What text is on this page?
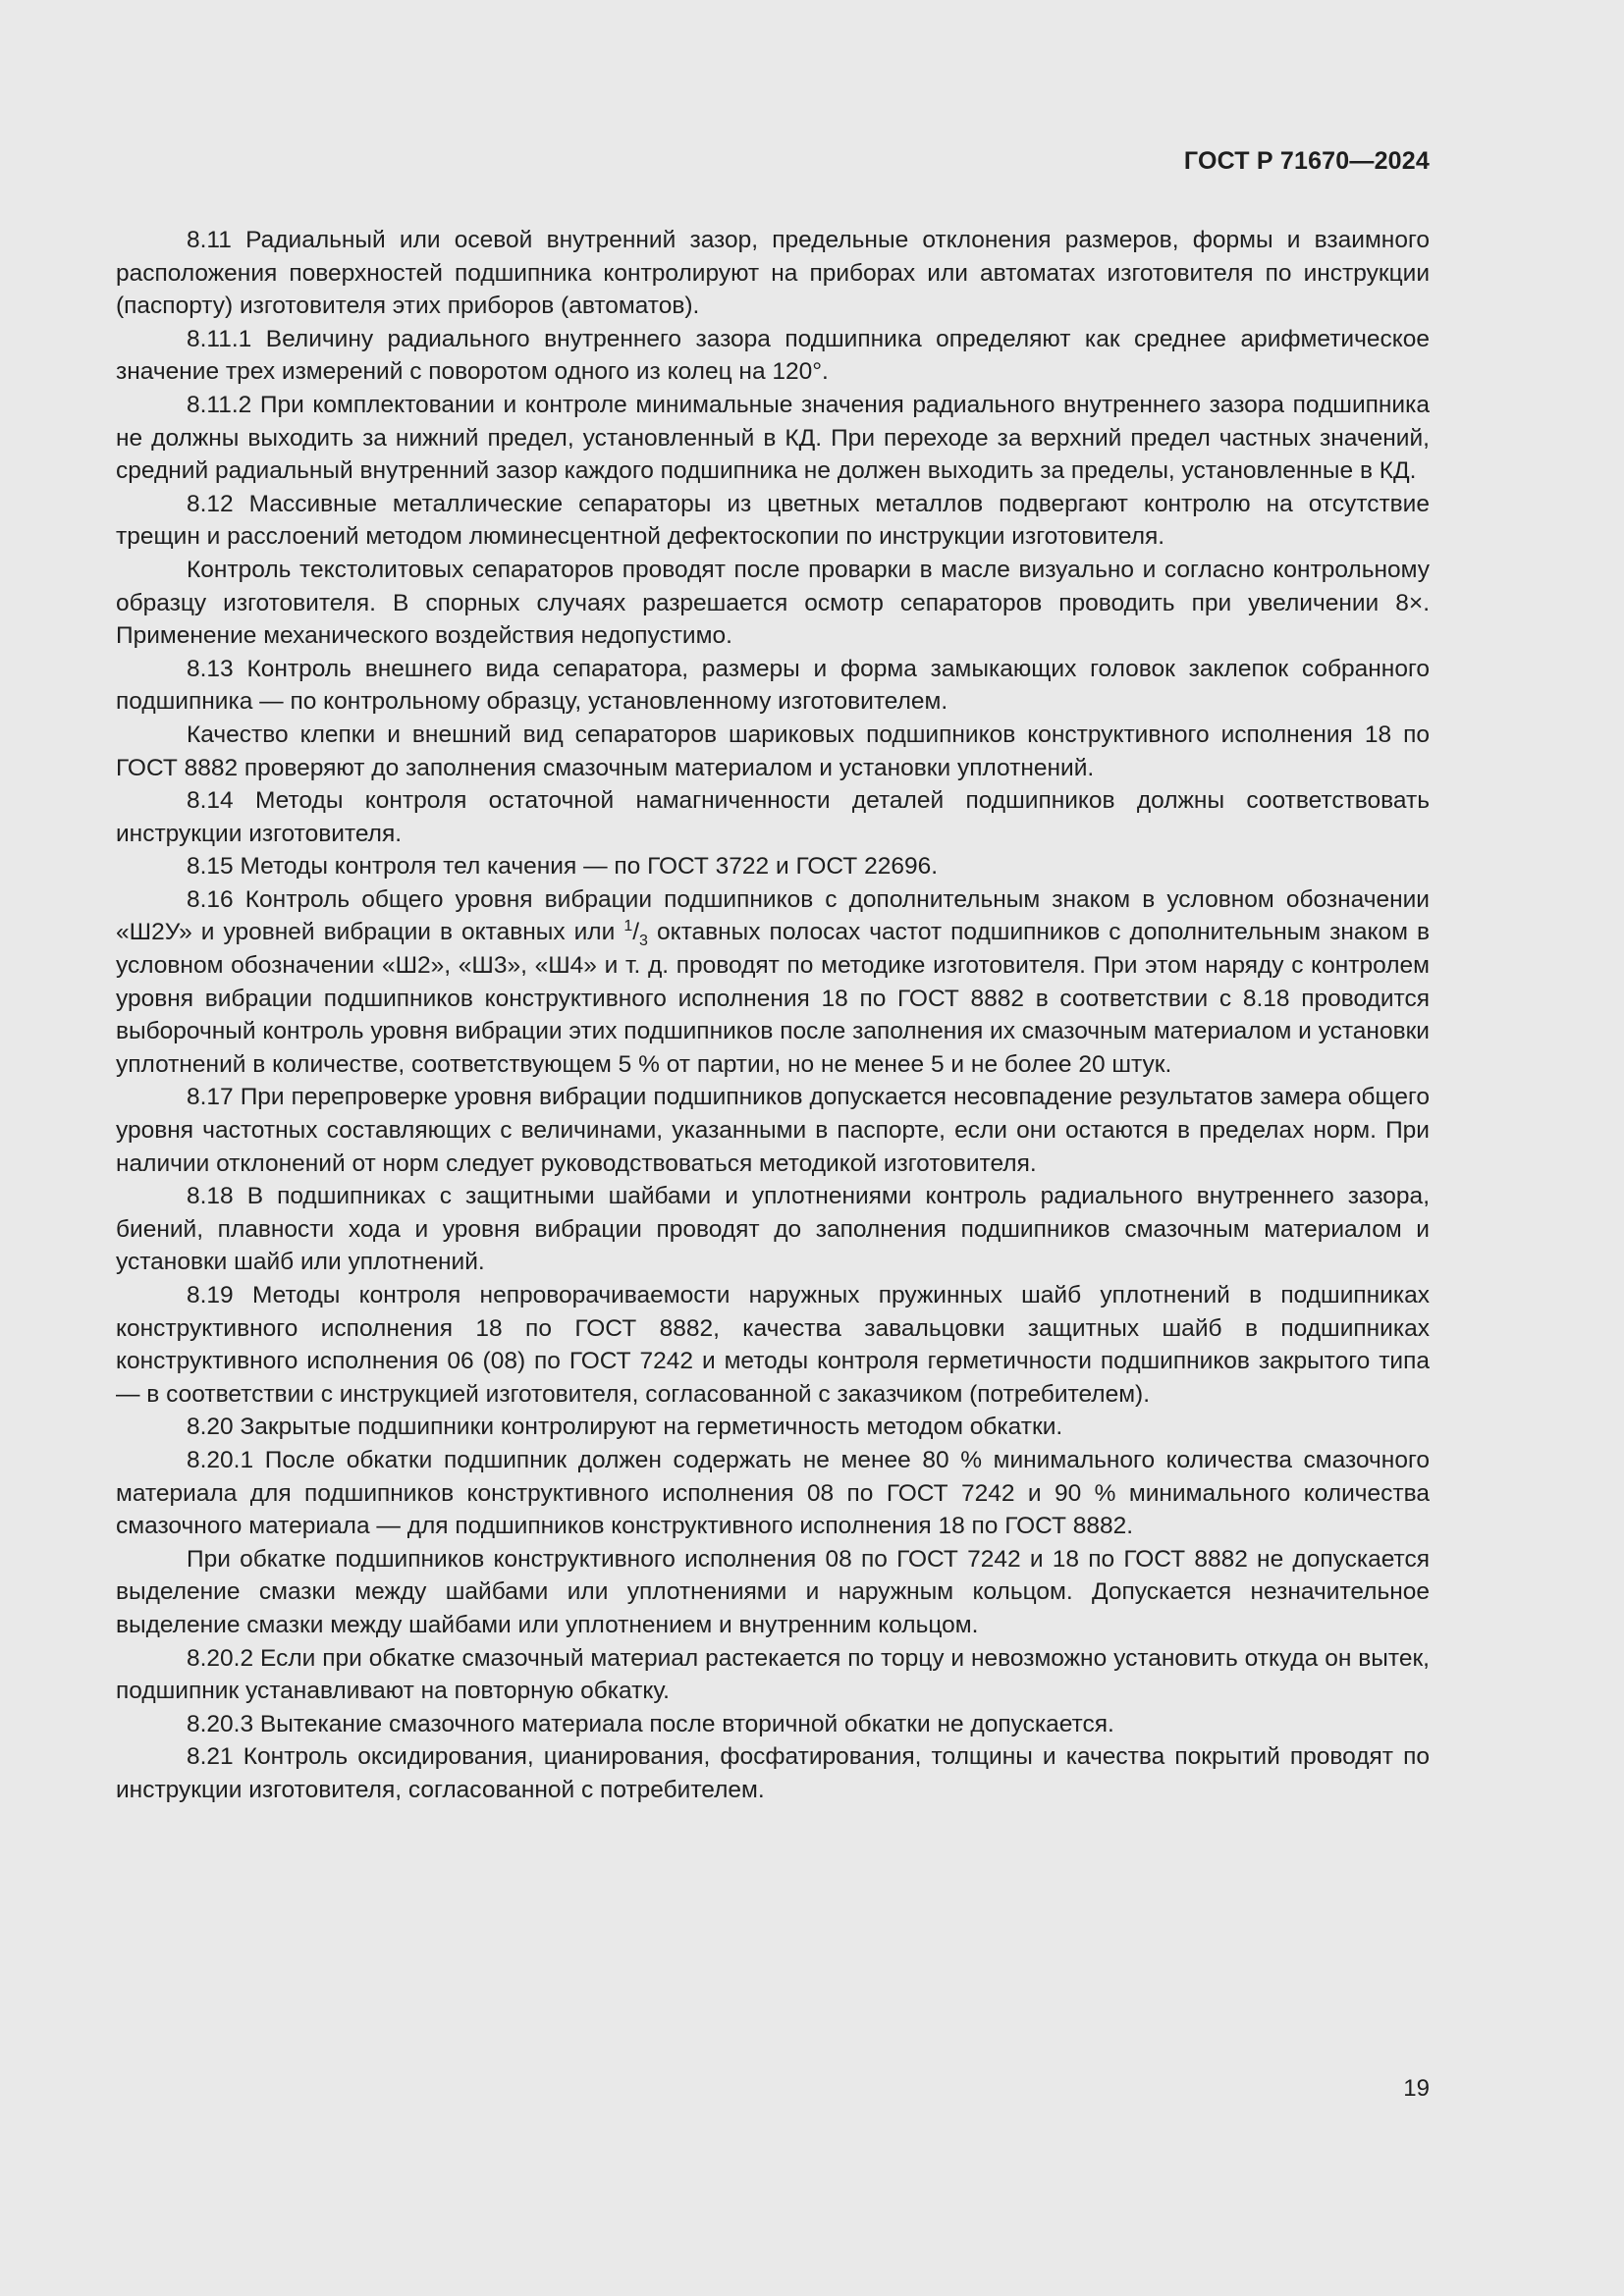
ГОСТ Р 71670—2024

8.11 Радиальный или осевой внутренний зазор, предельные отклонения размеров, формы и взаимного расположения поверхностей подшипника контролируют на приборах или автоматах изготовителя по инструкции (паспорту) изготовителя этих приборов (автоматов).

8.11.1 Величину радиального внутреннего зазора подшипника определяют как среднее арифметическое значение трех измерений с поворотом одного из колец на 120°.

8.11.2 При комплектовании и контроле минимальные значения радиального внутреннего зазора подшипника не должны выходить за нижний предел, установленный в КД. При переходе за верхний предел частных значений, средний радиальный внутренний зазор каждого подшипника не должен выходить за пределы, установленные в КД.

8.12 Массивные металлические сепараторы из цветных металлов подвергают контролю на отсутствие трещин и расслоений методом люминесцентной дефектоскопии по инструкции изготовителя.

Контроль текстолитовых сепараторов проводят после проварки в масле визуально и согласно контрольному образцу изготовителя. В спорных случаях разрешается осмотр сепараторов проводить при увеличении 8×. Применение механического воздействия недопустимо.

8.13 Контроль внешнего вида сепаратора, размеры и форма замыкающих головок заклепок собранного подшипника — по контрольному образцу, установленному изготовителем.

Качество клепки и внешний вид сепараторов шариковых подшипников конструктивного исполнения 18 по ГОСТ 8882 проверяют до заполнения смазочным материалом и установки уплотнений.

8.14 Методы контроля остаточной намагниченности деталей подшипников должны соответствовать инструкции изготовителя.

8.15 Методы контроля тел качения — по ГОСТ 3722 и ГОСТ 22696.

8.16 Контроль общего уровня вибрации подшипников с дополнительным знаком в условном обозначении «Ш2У» и уровней вибрации в октавных или $^1/_3$ октавных полосах частот подшипников с дополнительным знаком в условном обозначении «Ш2», «Ш3», «Ш4» и т. д. проводят по методике изготовителя. При этом наряду с контролем уровня вибрации подшипников конструктивного исполнения 18 по ГОСТ 8882 в соответствии с 8.18 проводится выборочный контроль уровня вибрации этих подшипников после заполнения их смазочным материалом и установки уплотнений в количестве, соответствующем 5 % от партии, но не менее 5 и не более 20 штук.

8.17 При перепроверке уровня вибрации подшипников допускается несовпадение результатов замера общего уровня частотных составляющих с величинами, указанными в паспорте, если они остаются в пределах норм. При наличии отклонений от норм следует руководствоваться методикой изготовителя.

8.18 В подшипниках с защитными шайбами и уплотнениями контроль радиального внутреннего зазора, биений, плавности хода и уровня вибрации проводят до заполнения подшипников смазочным материалом и установки шайб или уплотнений.

8.19 Методы контроля непроворачиваемости наружных пружинных шайб уплотнений в подшипниках конструктивного исполнения 18 по ГОСТ 8882, качества завальцовки защитных шайб в подшипниках конструктивного исполнения 06 (08) по ГОСТ 7242 и методы контроля герметичности подшипников закрытого типа — в соответствии с инструкцией изготовителя, согласованной с заказчиком (потребителем).

8.20 Закрытые подшипники контролируют на герметичность методом обкатки.

8.20.1 После обкатки подшипник должен содержать не менее 80 % минимального количества смазочного материала для подшипников конструктивного исполнения 08 по ГОСТ 7242 и 90 % минимального количества смазочного материала — для подшипников конструктивного исполнения 18 по ГОСТ 8882.

При обкатке подшипников конструктивного исполнения 08 по ГОСТ 7242 и 18 по ГОСТ 8882 не допускается выделение смазки между шайбами или уплотнениями и наружным кольцом. Допускается незначительное выделение смазки между шайбами или уплотнением и внутренним кольцом.

8.20.2 Если при обкатке смазочный материал растекается по торцу и невозможно установить откуда он вытек, подшипник устанавливают на повторную обкатку.

8.20.3 Вытекание смазочного материала после вторичной обкатки не допускается.

8.21 Контроль оксидирования, цианирования, фосфатирования, толщины и качества покрытий проводят по инструкции изготовителя, согласованной с потребителем.

19
